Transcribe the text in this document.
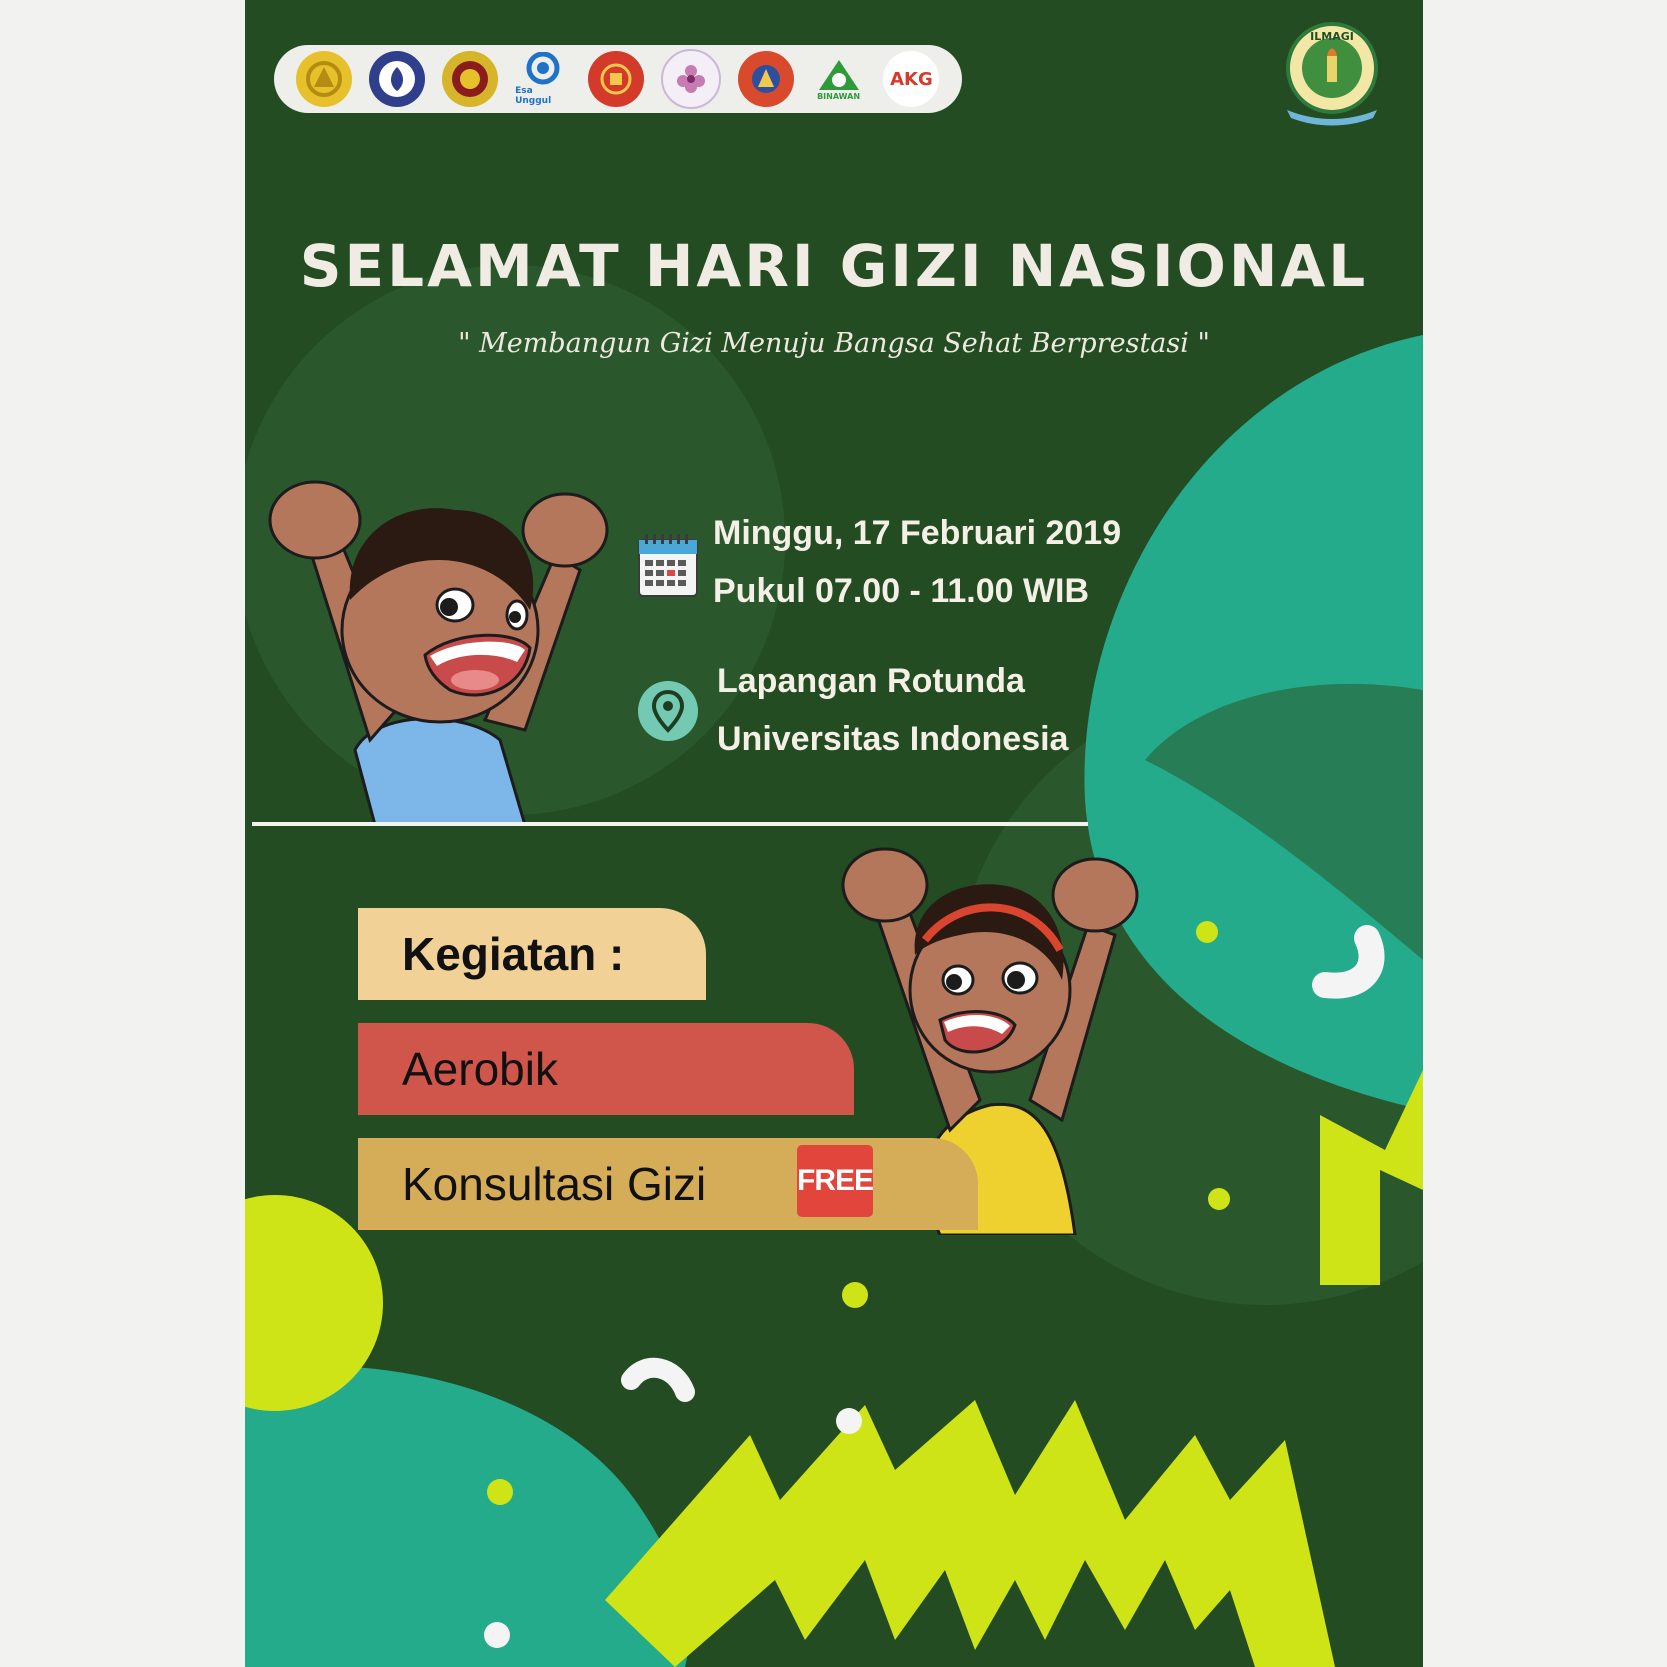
Esa Unggul	BINAWAN
AKG
ILMAGI
SELAMAT HARI GIZI NASIONAL
" Membangun Gizi Menuju Bangsa Sehat Berprestasi "
Minggu, 17 Februari 2019
Pukul 07.00 - 11.00 WIB
Lapangan Rotunda
Universitas Indonesia
Kegiatan :
Aerobik
Konsultasi Gizi	FREE
